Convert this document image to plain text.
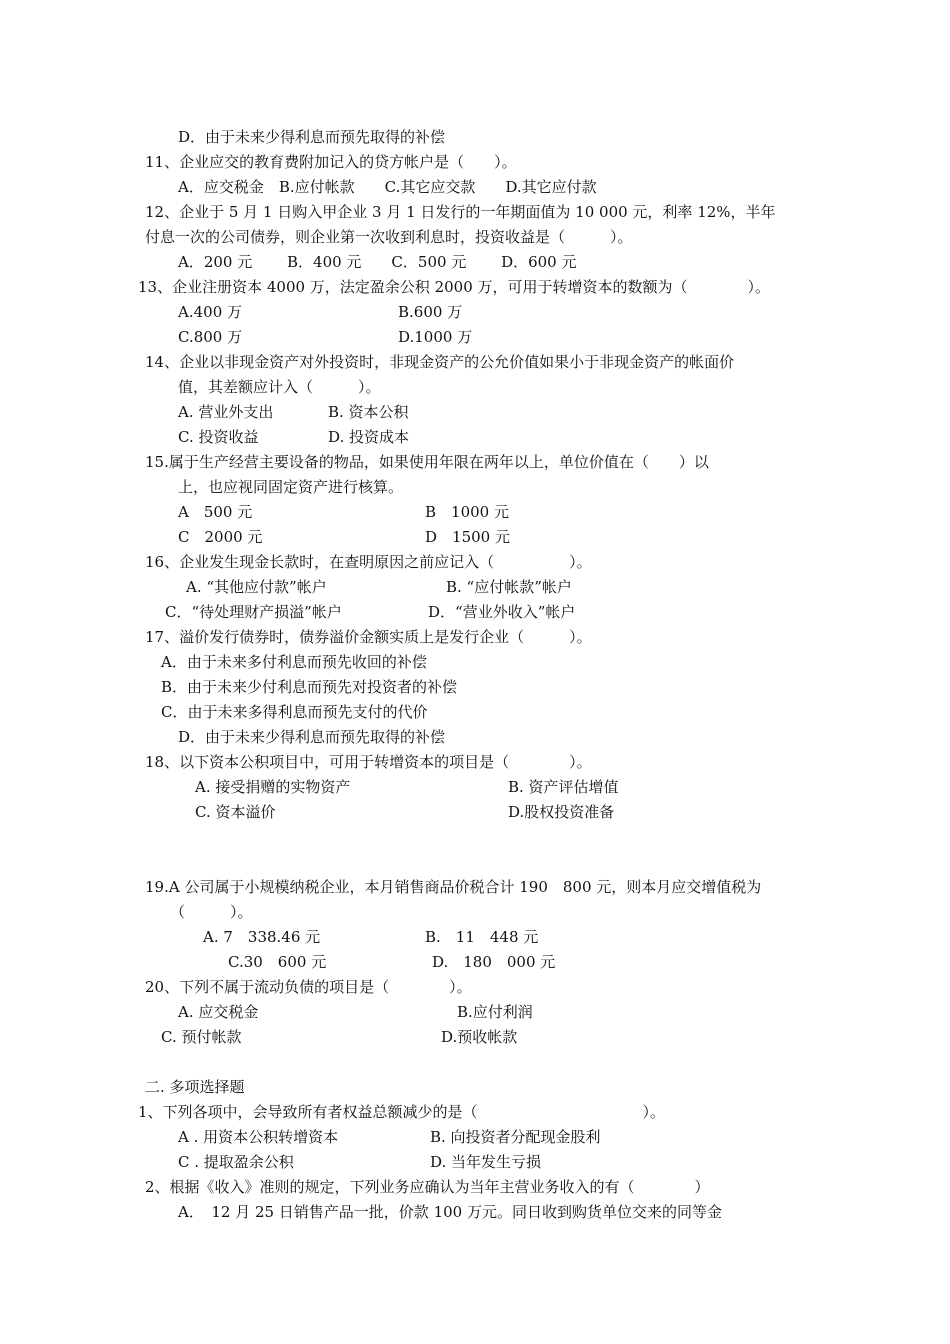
D．由于未来少得利息而预先取得的补偿
11、企业应交的教育费附加记入的贷方帐户是（　　）。
A．应交税金　B.应付帐款　　C.其它应交款　　D.其它应付款
12、企业于 5 月 1 日购入甲企业 3 月 1 日发行的一年期面值为 10 000 元，利率 12%，半年
付息一次的公司债券，则企业第一次收到利息时，投资收益是（　　　）。
A．200 元　　 B．400 元　　C．500 元　　 D．600 元
13、企业注册资本 4000 万，法定盈余公积 2000 万，可用于转增资本的数额为（　　　　）。
A.400 万	B.600 万
C.800 万	D.1000 万
14、企业以非现金资产对外投资时，非现金资产的公允价值如果小于非现金资产的帐面价
值，其差额应计入（　　　）。
A. 营业外支出	B. 资本公积
C. 投资收益	D. 投资成本
15.属于生产经营主要设备的物品，如果使用年限在两年以上，单位价值在（　　）以
上，也应视同固定资产进行核算。
A　500 元	B　1000 元
C　2000 元	D　1500 元
16、企业发生现金长款时，在查明原因之前应记入（　　　　　）。
A. “其他应付款”帐户	B. “应付帐款”帐户
C．“待处理财产损溢”帐户	D．“营业外收入”帐户
17、溢价发行债券时，债券溢价金额实质上是发行企业（　　　）。
A．由于未来多付利息而预先收回的补偿
B．由于未来少付利息而预先对投资者的补偿
C．由于未来多得利息而预先支付的代价
D．由于未来少得利息而预先取得的补偿
18、以下资本公积项目中，可用于转增资本的项目是（　　　　）。
A. 接受捐赠的实物资产	B. 资产评估增值
C. 资本溢价	D.股权投资准备
19.A 公司属于小规模纳税企业，本月销售商品价税合计 190　800 元，则本月应交增值税为
（　　　）。
A. 7　338.46 元	B.　11　448 元
C.30　600 元	D.　180　000 元
20、下列不属于流动负债的项目是（　　　　）。
A. 应交税金	B.应付利润
C. 预付帐款	D.预收帐款
二. 多项选择题
1、下列各项中，会导致所有者权益总额减少的是（　　　　　　　　　　　）。
A . 用资本公积转增资本	B. 向投资者分配现金股利
C . 提取盈余公积	D. 当年发生亏损
2、根据《收入》准则的规定，下列业务应确认为当年主营业务收入的有（　　　　）
A．　12 月 25 日销售产品一批，价款 100 万元。同日收到购货单位交来的同等金
